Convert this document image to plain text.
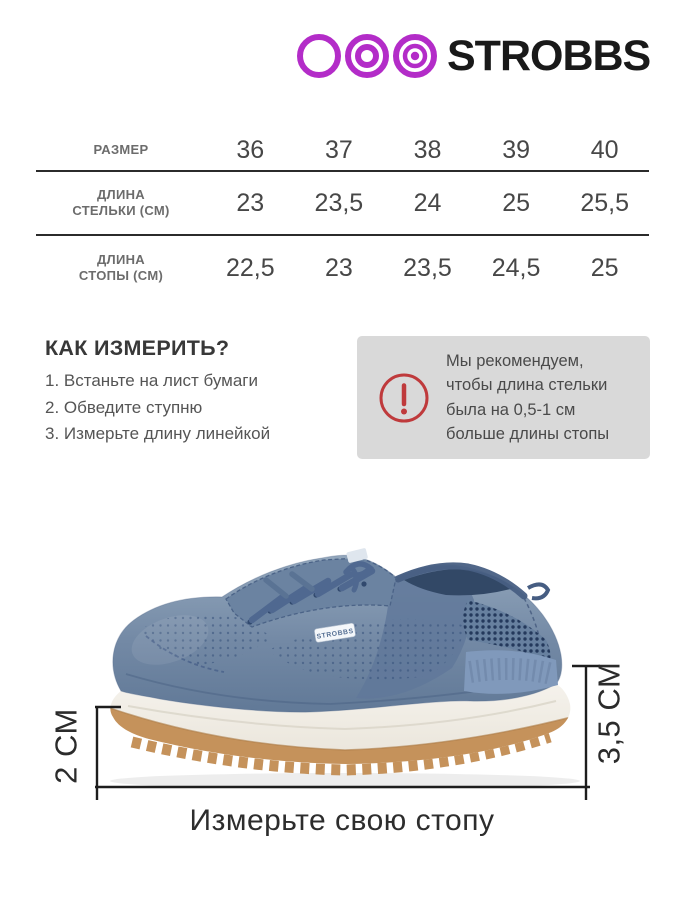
STROBBS
РАЗМЕР	36	37	38	39	40
ДЛИНА
СТЕЛЬКИ (СМ)	23	23,5	24	25	25,5
ДЛИНА
СТОПЫ (СМ)	22,5	23	23,5	24,5	25
КАК ИЗМЕРИТЬ?
1. Встаньте на лист бумаги
2. Обведите ступню
3. Измерьте длину линейкой
Мы рекомендуем,
чтобы длина стельки
была на 0,5-1 см
больше длины стопы
STROBBS
2 СМ	3,5 СМ
Измерьте свою стопу
